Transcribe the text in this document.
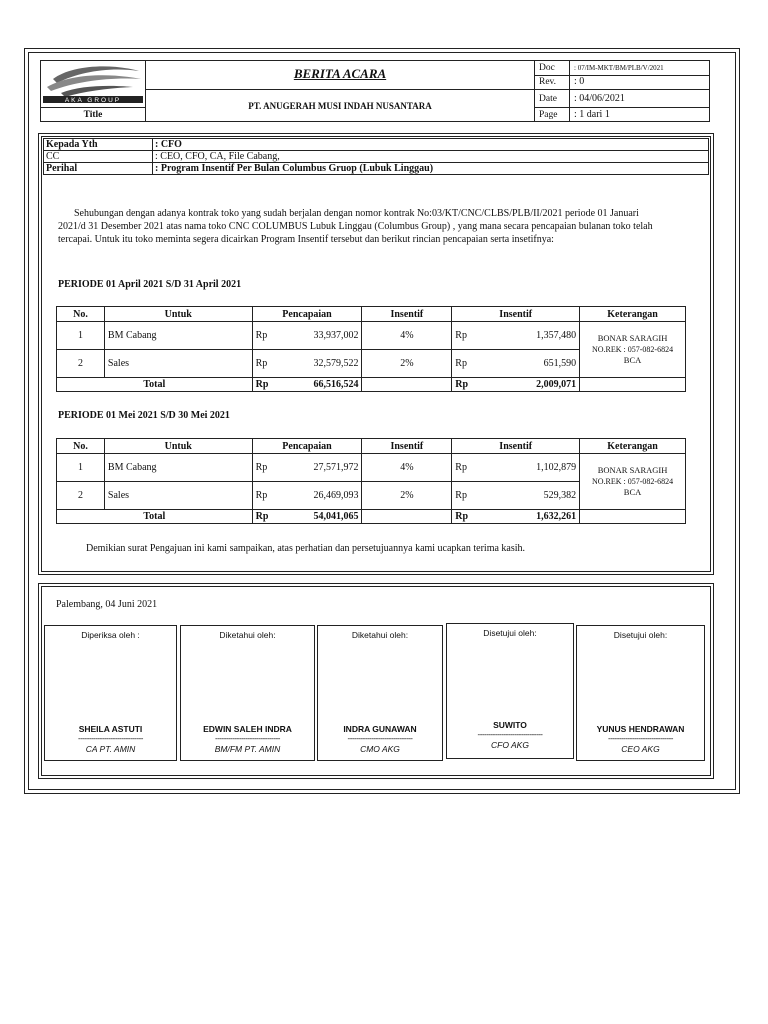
AKA GROUP	BERITA ACARA	Doc	: 07/IM-MKT/BM/PLB/V/2021
		Rev.	: 0
	PT. ANUGERAH MUSI INDAH NUSANTARA	Date	: 04/06/2021
Title		Page	: 1 dari 1
Kepada Yth	: CFO
CC	: CEO, CFO, CA, File Cabang,
Perihal	: Program Insentif Per Bulan Columbus Gruop (Lubuk Linggau)
Sehubungan dengan adanya kontrak toko yang sudah berjalan dengan nomor kontrak No:03/KT/CNC/CLBS/PLB/II/2021 periode 01 Januari
2021/d 31 Desember 2021 atas nama toko CNC COLUMBUS Lubuk Linggau (Columbus Group) , yang mana secara pencapaian bulanan toko telah
tercapai. Untuk itu toko meminta segera dicairkan Program Insentif tersebut dan berikut rincian pencapaian serta insetifnya:
PERIODE 01 April 2021 S/D 31 April 2021
No.	Untuk	Pencapaian		Insentif	Insentif		Keterangan
1	BM Cabang	Rp	33,937,002	4%	Rp	1,357,480	BONAR SARAGIH
NO.REK : 057-082-6824
BCA

2	Sales	Rp	32,579,522	2%	Rp	651,590	
Total		Rp	66,516,524		Rp	2,009,071	
PERIODE 01 Mei 2021 S/D 30 Mei 2021
No.	Untuk	Pencapaian		Insentif	Insentif		Keterangan
1	BM Cabang	Rp	27,571,972	4%	Rp	1,102,879	BONAR SARAGIH
NO.REK : 057-082-6824
BCA

2	Sales	Rp	26,469,093	2%	Rp	529,382	
Total		Rp	54,041,065		Rp	1,632,261	
Demikian surat Pengajuan ini kami sampaikan, atas perhatian dan persetujuannya kami ucapkan terima kasih.
Palembang, 04 Juni 2021
Diperiksa oleh :
SHEILA ASTUTI
------------------------------
CA PT. AMIN
Diketahui oleh:
EDWIN SALEH INDRA
------------------------------
BM/FM PT. AMIN
Diketahui oleh:
INDRA GUNAWAN
------------------------------
CMO AKG
Disetujui oleh:
SUWITO
------------------------------
CFO AKG
Disetujui oleh:
YUNUS HENDRAWAN
------------------------------
CEO AKG
